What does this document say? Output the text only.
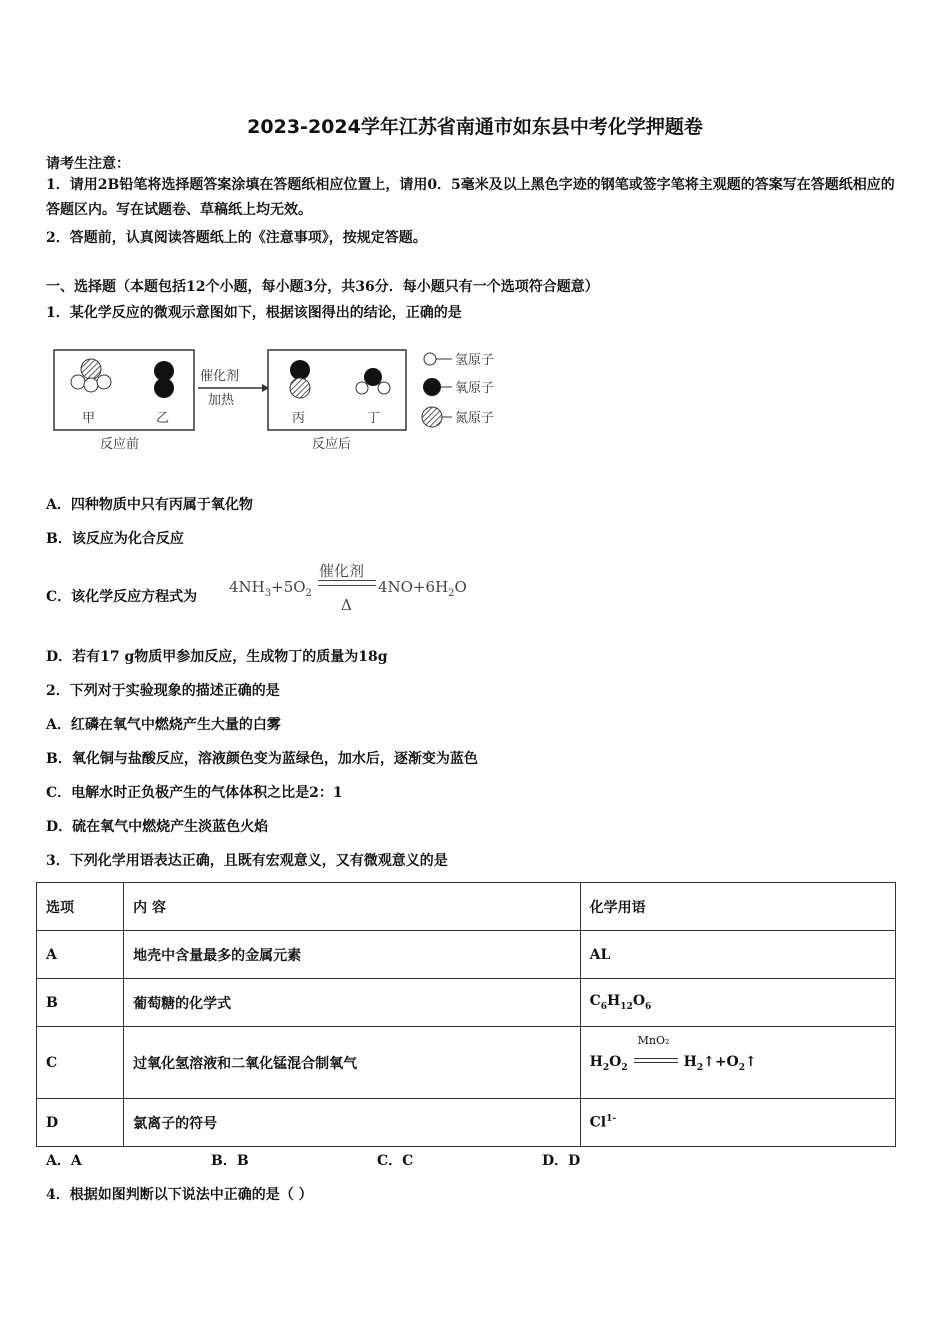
2023-2024学年江苏省南通市如东县中考化学押题卷
请考生注意：
1．请用2B铅笔将选择题答案涂填在答题纸相应位置上，请用0．5毫米及以上黑色字迹的钢笔或签字笔将主观题的答案写在答题纸相应的答题区内。写在试题卷、草稿纸上均无效。
2．答题前，认真阅读答题纸上的《注意事项》，按规定答题。
一、选择题（本题包括12个小题，每小题3分，共36分．每小题只有一个选项符合题意）
1．某化学反应的微观示意图如下，根据该图得出的结论，正确的是
甲	乙
反应前
催化剂
加热
丙	丁
反应后
氢原子
氧原子
氮原子
A．四种物质中只有丙属于氧化物
B．该反应为化合反应
C．该化学反应方程式为
$4NH_3+5O_2$
催化剂
Δ
$4NO+6H_2O$
D．若有17 g物质甲参加反应，生成物丁的质量为18g
2．下列对于实验现象的描述正确的是
A．红磷在氧气中燃烧产生大量的白雾
B．氧化铜与盐酸反应，溶液颜色变为蓝绿色，加水后，逐渐变为蓝色
C．电解水时正负极产生的气体体积之比是2：1
D．硫在氧气中燃烧产生淡蓝色火焰
3．下列化学用语表达正确，且既有宏观意义，又有微观意义的是
选项	内 容	化学用语
A	地壳中含量最多的金属元素	AL
B	葡萄糖的化学式	$C_6H_{12}O_6$
C	过氧化氢溶液和二氧化锰混合制氧气	$H_2O_2$
MnO₂
$H_2↑+O_2↑$
D	氯离子的符号	$Cl^{1-}$
A．A	B．B	C．C	D．D
4．根据如图判断以下说法中正确的是（ ）
